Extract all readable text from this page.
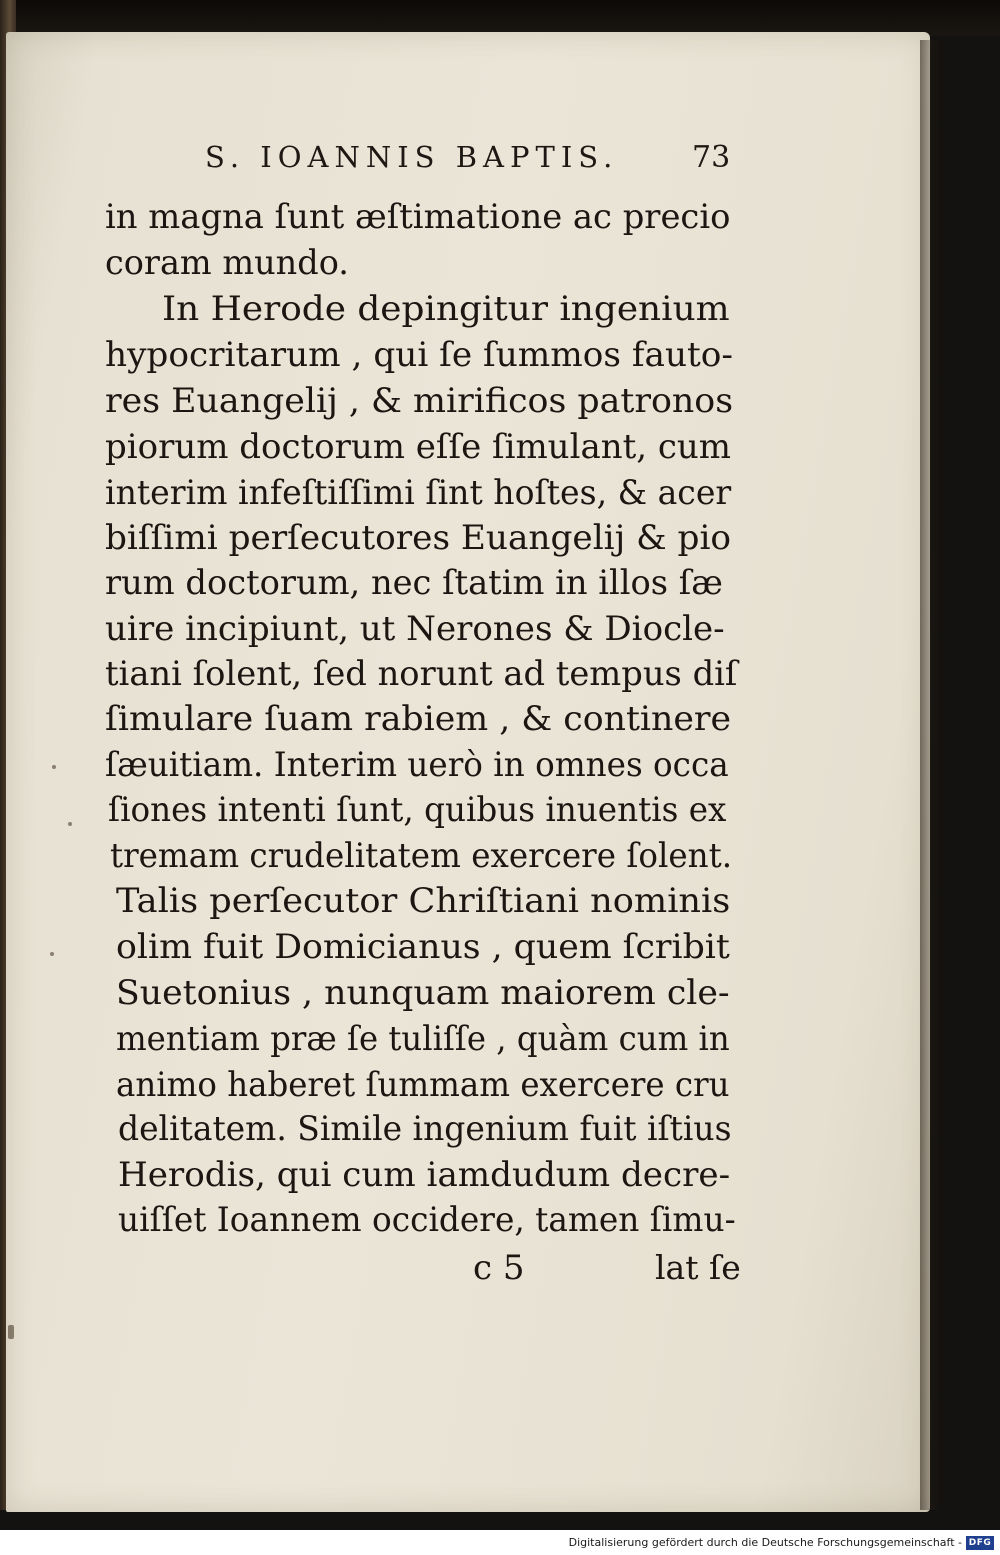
S. IOANNIS BAPTIS. 73
in magna ſunt æſtimatione ac precio
coram mundo.
In Herode depingitur ingenium
hypocritarum , qui ſe ſummos fauto-
res Euangelij , & mirificos patronos
piorum doctorum eſſe ſimulant, cum
interim infeſtiſſimi ſint hoſtes, & acer
biſſimi perſecutores Euangelij & pio
rum doctorum, nec ſtatim in illos ſæ
uire incipiunt, ut Nerones & Diocle-
tiani ſolent, ſed norunt ad tempus diſ
ſimulare ſuam rabiem , & continere
ſæuitiam. Interim uerò in omnes occa
ſiones intenti ſunt, quibus inuentis ex
tremam crudelitatem exercere ſolent.
Talis perſecutor Chriſtiani nominis
olim fuit Domicianus , quem ſcribit
Suetonius , nunquam maiorem cle-
mentiam præ ſe tuliſſe , quàm cum in
animo haberet ſummam exercere cru
delitatem. Simile ingenium fuit iſtius
Herodis, qui cum iamdudum decre-
uiſſet Ioannem occidere, tamen ſimu-
c 5	lat ſe
Digitalisierung gefördert durch die Deutsche Forschungsgemeinschaft - DFG
